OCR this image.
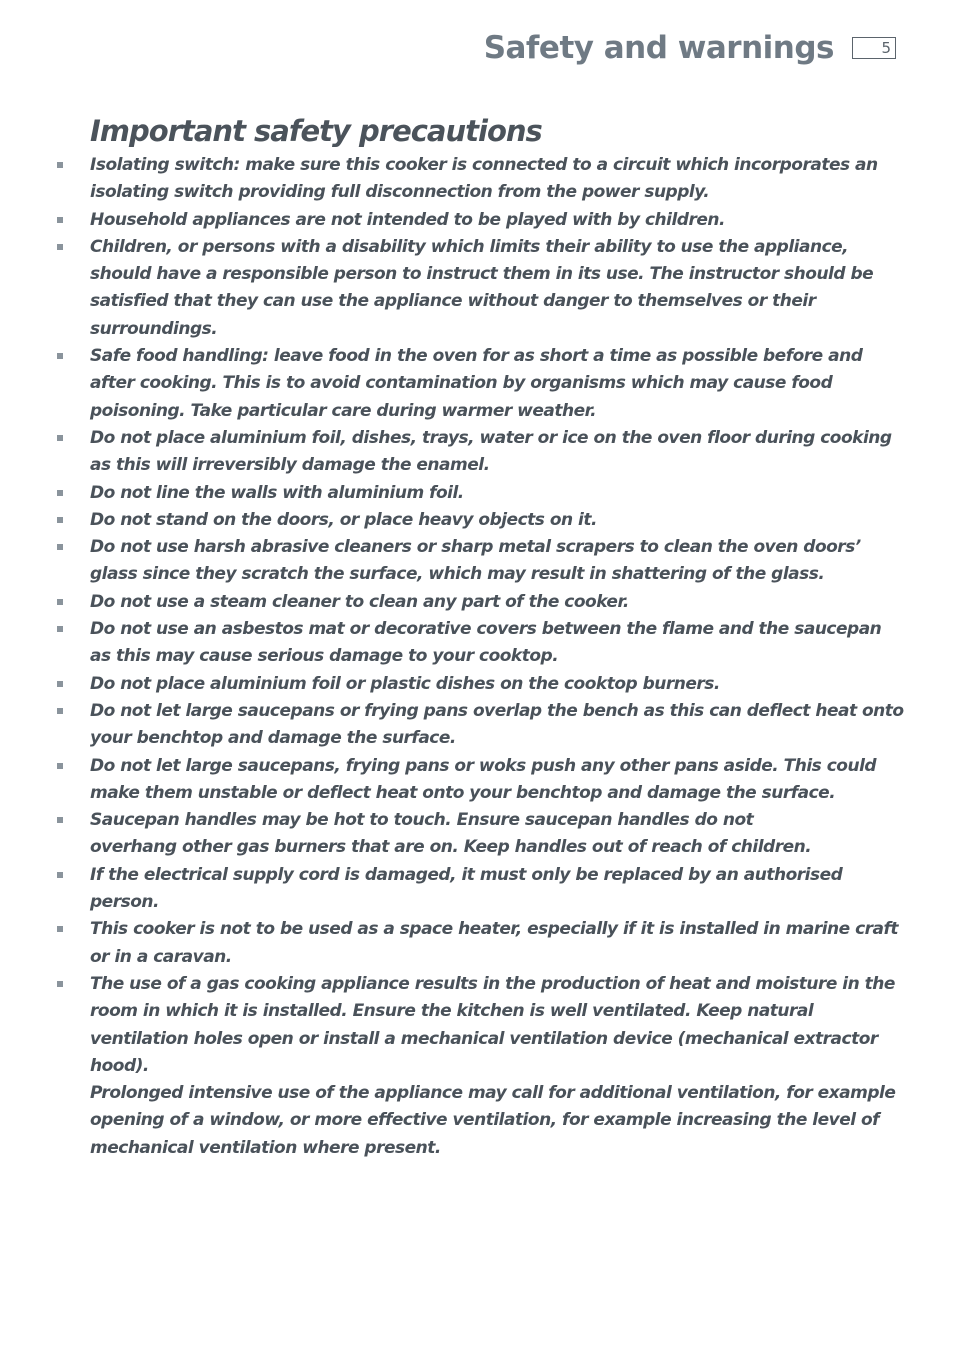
Safety and warnings	5
Important safety precautions
Isolating switch: make sure this cooker is connected to a circuit which incorporates an isolating switch providing full disconnection from the power supply.
Household appliances are not intended to be played with by children.
Children, or persons with a disability which limits their ability to use the appliance, should have a responsible person to instruct them in its use. The instructor should be satisfied that they can use the appliance without danger to themselves or their surroundings.
Safe food handling: leave food in the oven for as short a time as possible before and after cooking. This is to avoid contamination by organisms which may cause food poisoning. Take particular care during warmer weather.
Do not place aluminium foil, dishes, trays, water or ice on the oven floor during cooking as this will irreversibly damage the enamel.
Do not line the walls with aluminium foil.
Do not stand on the doors, or place heavy objects on it.
Do not use harsh abrasive cleaners or sharp metal scrapers to clean the oven doors’ glass since they scratch the surface, which may result in shattering of the glass.
Do not use a steam cleaner to clean any part of the cooker.
Do not use an asbestos mat or decorative covers between the flame and the saucepan as this may cause serious damage to your cooktop.
Do not place aluminium foil or plastic dishes on the cooktop burners.
Do not let large saucepans or frying pans overlap the bench as this can deflect heat onto your benchtop and damage the surface.
Do not let large saucepans, frying pans or woks push any other pans aside. This could make them unstable or deflect heat onto your benchtop and damage the surface.
Saucepan handles may be hot to touch. Ensure saucepan handles do not
overhang other gas burners that are on. Keep handles out of reach of children.
If the electrical supply cord is damaged, it must only be replaced by an authorised person.
This cooker is not to be used as a space heater, especially if it is installed in marine craft or in a caravan.
The use of a gas cooking appliance results in the production of heat and moisture in the room in which it is installed. Ensure the kitchen is well ventilated. Keep natural ventilation holes open or install a mechanical ventilation device (mechanical extractor hood).
Prolonged intensive use of the appliance may call for additional ventilation, for example opening of a window, or more effective ventilation, for example increasing the level of mechanical ventilation where present.
